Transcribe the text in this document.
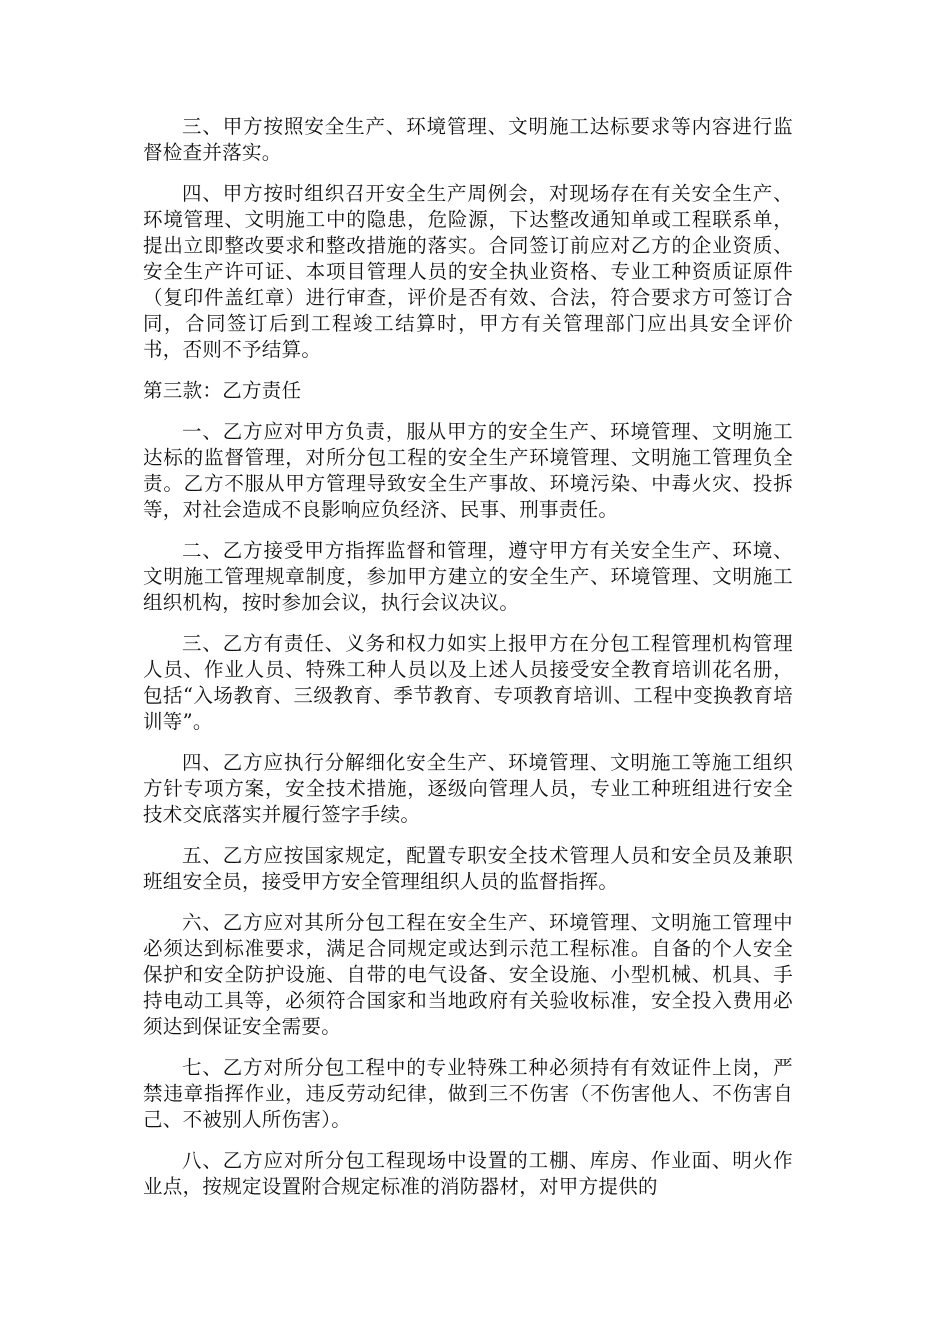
三、甲方按照安全生产、环境管理、文明施工达标要求等内容进行监督检查并落实。

四、甲方按时组织召开安全生产周例会，对现场存在有关安全生产、环境管理、文明施工中的隐患，危险源，下达整改通知单或工程联系单，提出立即整改要求和整改措施的落实。合同签订前应对乙方的企业资质、安全生产许可证、本项目管理人员的安全执业资格、专业工种资质证原件（复印件盖红章）进行审查，评价是否有效、合法，符合要求方可签订合同，合同签订后到工程竣工结算时，甲方有关管理部门应出具安全评价书，否则不予结算。

第三款：乙方责任

一、乙方应对甲方负责，服从甲方的安全生产、环境管理、文明施工达标的监督管理，对所分包工程的安全生产环境管理、文明施工管理负全责。乙方不服从甲方管理导致安全生产事故、环境污染、中毒火灾、投拆等，对社会造成不良影响应负经济、民事、刑事责任。

二、乙方接受甲方指挥监督和管理，遵守甲方有关安全生产、环境、文明施工管理规章制度，参加甲方建立的安全生产、环境管理、文明施工组织机构，按时参加会议，执行会议决议。

三、乙方有责任、义务和权力如实上报甲方在分包工程管理机构管理人员、作业人员、特殊工种人员以及上述人员接受安全教育培训花名册，包括“入场教育、三级教育、季节教育、专项教育培训、工程中变换教育培训等”。

四、乙方应执行分解细化安全生产、环境管理、文明施工等施工组织方针专项方案，安全技术措施，逐级向管理人员，专业工种班组进行安全技术交底落实并履行签字手续。

五、乙方应按国家规定，配置专职安全技术管理人员和安全员及兼职班组安全员，接受甲方安全管理组织人员的监督指挥。

六、乙方应对其所分包工程在安全生产、环境管理、文明施工管理中必须达到标准要求，满足合同规定或达到示范工程标准。自备的个人安全保护和安全防护设施、自带的电气设备、安全设施、小型机械、机具、手持电动工具等，必须符合国家和当地政府有关验收标准，安全投入费用必须达到保证安全需要。

七、乙方对所分包工程中的专业特殊工种必须持有有效证件上岗，严禁违章指挥作业，违反劳动纪律，做到三不伤害（不伤害他人、不伤害自己、不被别人所伤害）。

八、乙方应对所分包工程现场中设置的工棚、库房、作业面、明火作业点，按规定设置附合规定标准的消防器材，对甲方提供的
